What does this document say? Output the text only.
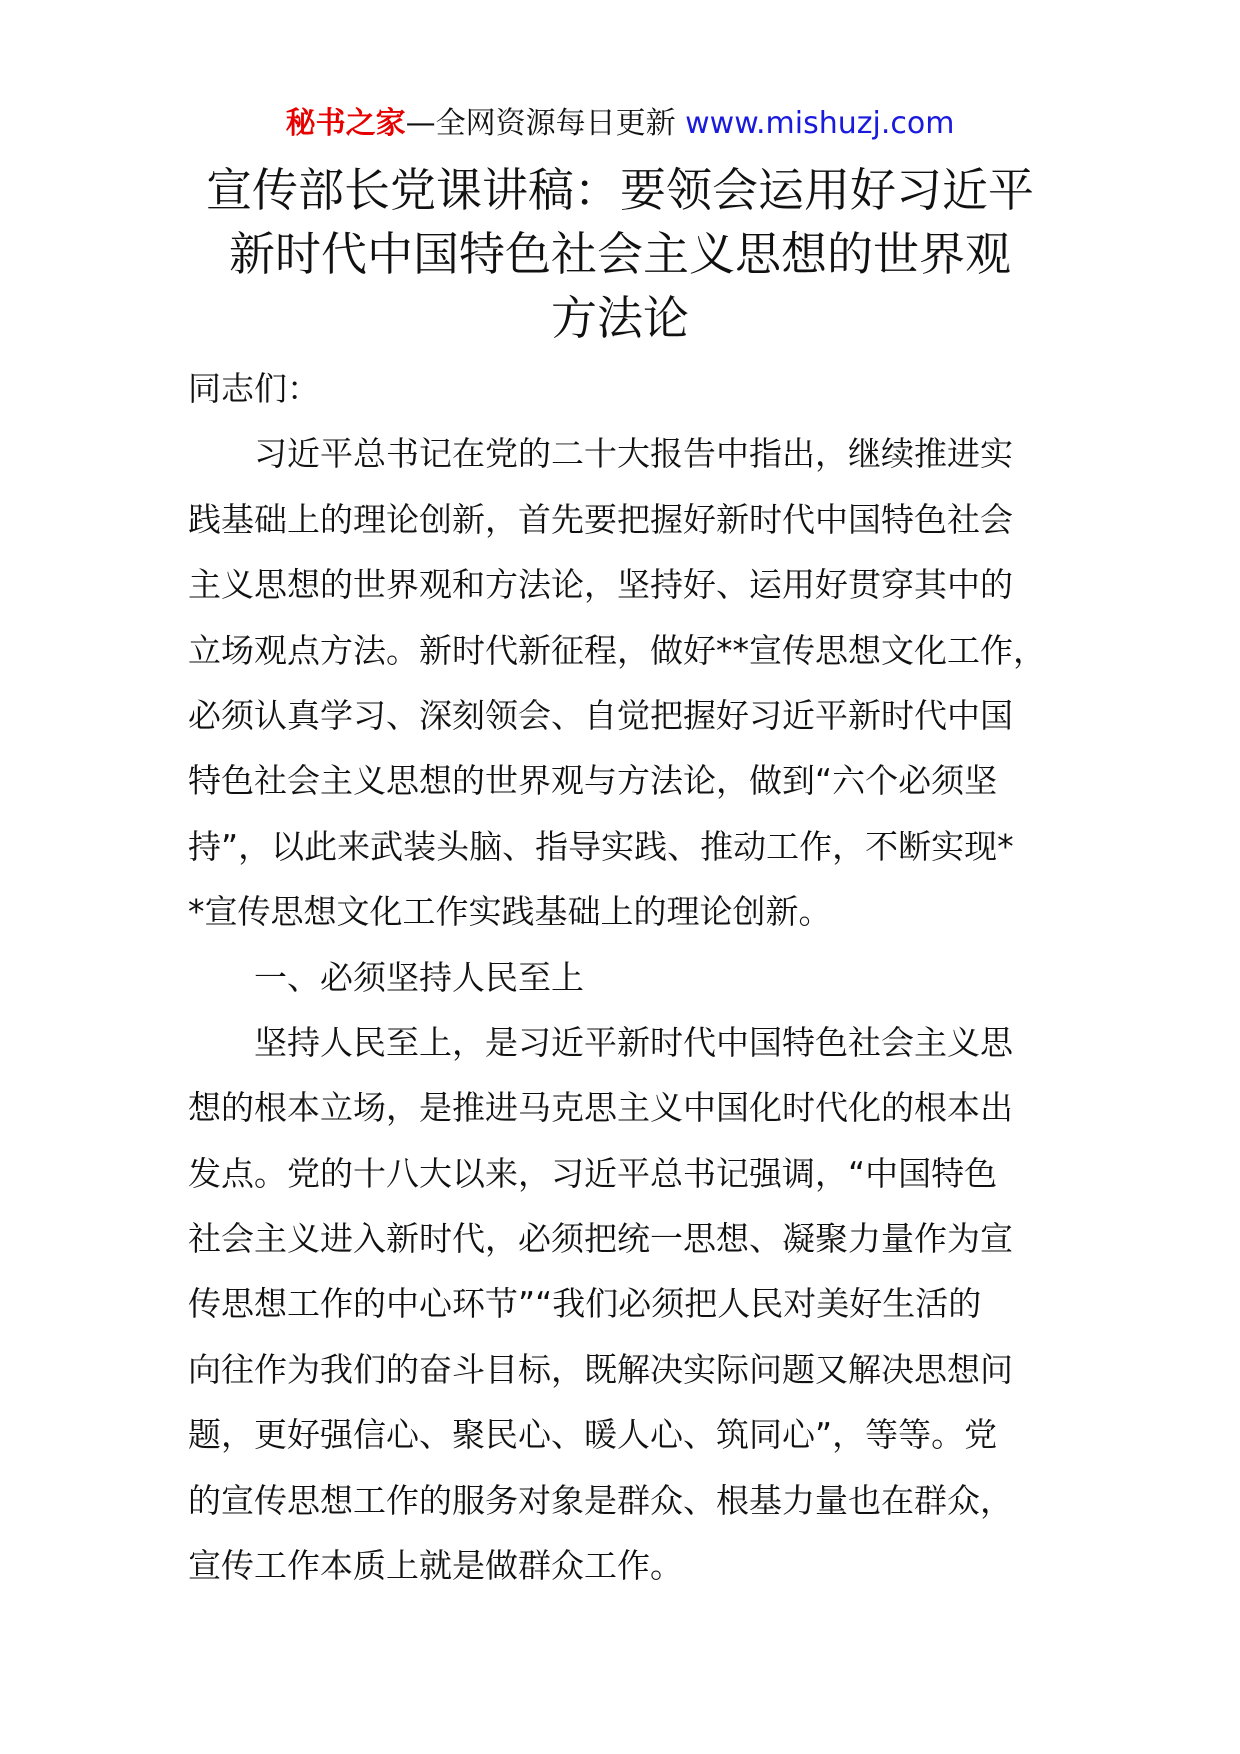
秘书之家—全网资源每日更新 www.mishuzj.com
宣传部长党课讲稿：要领会运用好习近平
新时代中国特色社会主义思想的世界观
方法论
同志们：
习近平总书记在党的二十大报告中指出，继续推进实
践基础上的理论创新，首先要把握好新时代中国特色社会
主义思想的世界观和方法论，坚持好、运用好贯穿其中的
立场观点方法。新时代新征程，做好**宣传思想文化工作，
必须认真学习、深刻领会、自觉把握好习近平新时代中国
特色社会主义思想的世界观与方法论，做到“六个必须坚
持”，以此来武装头脑、指导实践、推动工作，不断实现*
*宣传思想文化工作实践基础上的理论创新。
一、必须坚持人民至上
坚持人民至上，是习近平新时代中国特色社会主义思
想的根本立场，是推进马克思主义中国化时代化的根本出
发点。党的十八大以来，习近平总书记强调，“中国特色
社会主义进入新时代，必须把统一思想、凝聚力量作为宣
传思想工作的中心环节”“我们必须把人民对美好生活的
向往作为我们的奋斗目标，既解决实际问题又解决思想问
题，更好强信心、聚民心、暖人心、筑同心”，等等。党
的宣传思想工作的服务对象是群众、根基力量也在群众，
宣传工作本质上就是做群众工作。
